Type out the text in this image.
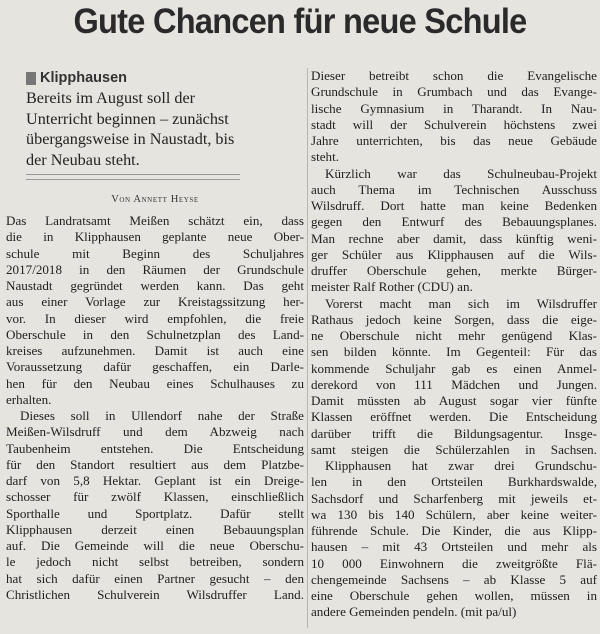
Gute Chancen für neue Schule
Klipphausen
Bereits im August soll der
Unterricht beginnen – zunächst
übergangsweise in Naustadt, bis
der Neubau steht.
Von Annett Heyse
Das Landratsamt Meißen schätzt ein, dass
die in Klipphausen geplante neue Ober-
schule mit Beginn des Schuljahres
2017/2018 in den Räumen der Grundschule
Naustadt gegründet werden kann. Das geht
aus einer Vorlage zur Kreistagssitzung her-
vor. In dieser wird empfohlen, die freie
Oberschule in den Schulnetzplan des Land-
kreises aufzunehmen. Damit ist auch eine
Voraussetzung dafür geschaffen, ein Darle-
hen für den Neubau eines Schulhauses zu
erhalten.
Dieses soll in Ullendorf nahe der Straße
Meißen-Wilsdruff und dem Abzweig nach
Taubenheim entstehen. Die Entscheidung
für den Standort resultiert aus dem Platzbe-
darf von 5,8 Hektar. Geplant ist ein Dreige-
schosser für zwölf Klassen, einschließlich
Sporthalle und Sportplatz. Dafür stellt
Klipphausen derzeit einen Bebauungsplan
auf. Die Gemeinde will die neue Oberschu-
le jedoch nicht selbst betreiben, sondern
hat sich dafür einen Partner gesucht – den
Christlichen Schulverein Wilsdruffer Land.
Dieser betreibt schon die Evangelische
Grundschule in Grumbach und das Evange-
lische Gymnasium in Tharandt. In Nau-
stadt will der Schulverein höchstens zwei
Jahre unterrichten, bis das neue Gebäude
steht.
Kürzlich war das Schulneubau-Projekt
auch Thema im Technischen Ausschuss
Wilsdruff. Dort hatte man keine Bedenken
gegen den Entwurf des Bebauungsplanes.
Man rechne aber damit, dass künftig weni-
ger Schüler aus Klipphausen auf die Wils-
druffer Oberschule gehen, merkte Bürger-
meister Ralf Rother (CDU) an.
Vorerst macht man sich im Wilsdruffer
Rathaus jedoch keine Sorgen, dass die eige-
ne Oberschule nicht mehr genügend Klas-
sen bilden könnte. Im Gegenteil: Für das
kommende Schuljahr gab es einen Anmel-
derekord von 111 Mädchen und Jungen.
Damit müssten ab August sogar vier fünfte
Klassen eröffnet werden. Die Entscheidung
darüber trifft die Bildungsagentur. Insge-
samt steigen die Schülerzahlen in Sachsen.
Klipphausen hat zwar drei Grundschu-
len in den Ortsteilen Burkhardswalde,
Sachsdorf und Scharfenberg mit jeweils et-
wa 130 bis 140 Schülern, aber keine weiter-
führende Schule. Die Kinder, die aus Klipp-
hausen – mit 43 Ortsteilen und mehr als
10 000 Einwohnern die zweitgrößte Flä-
chengemeinde Sachsens – ab Klasse 5 auf
eine Oberschule gehen wollen, müssen in
andere Gemeinden pendeln. (mit pa/ul)
